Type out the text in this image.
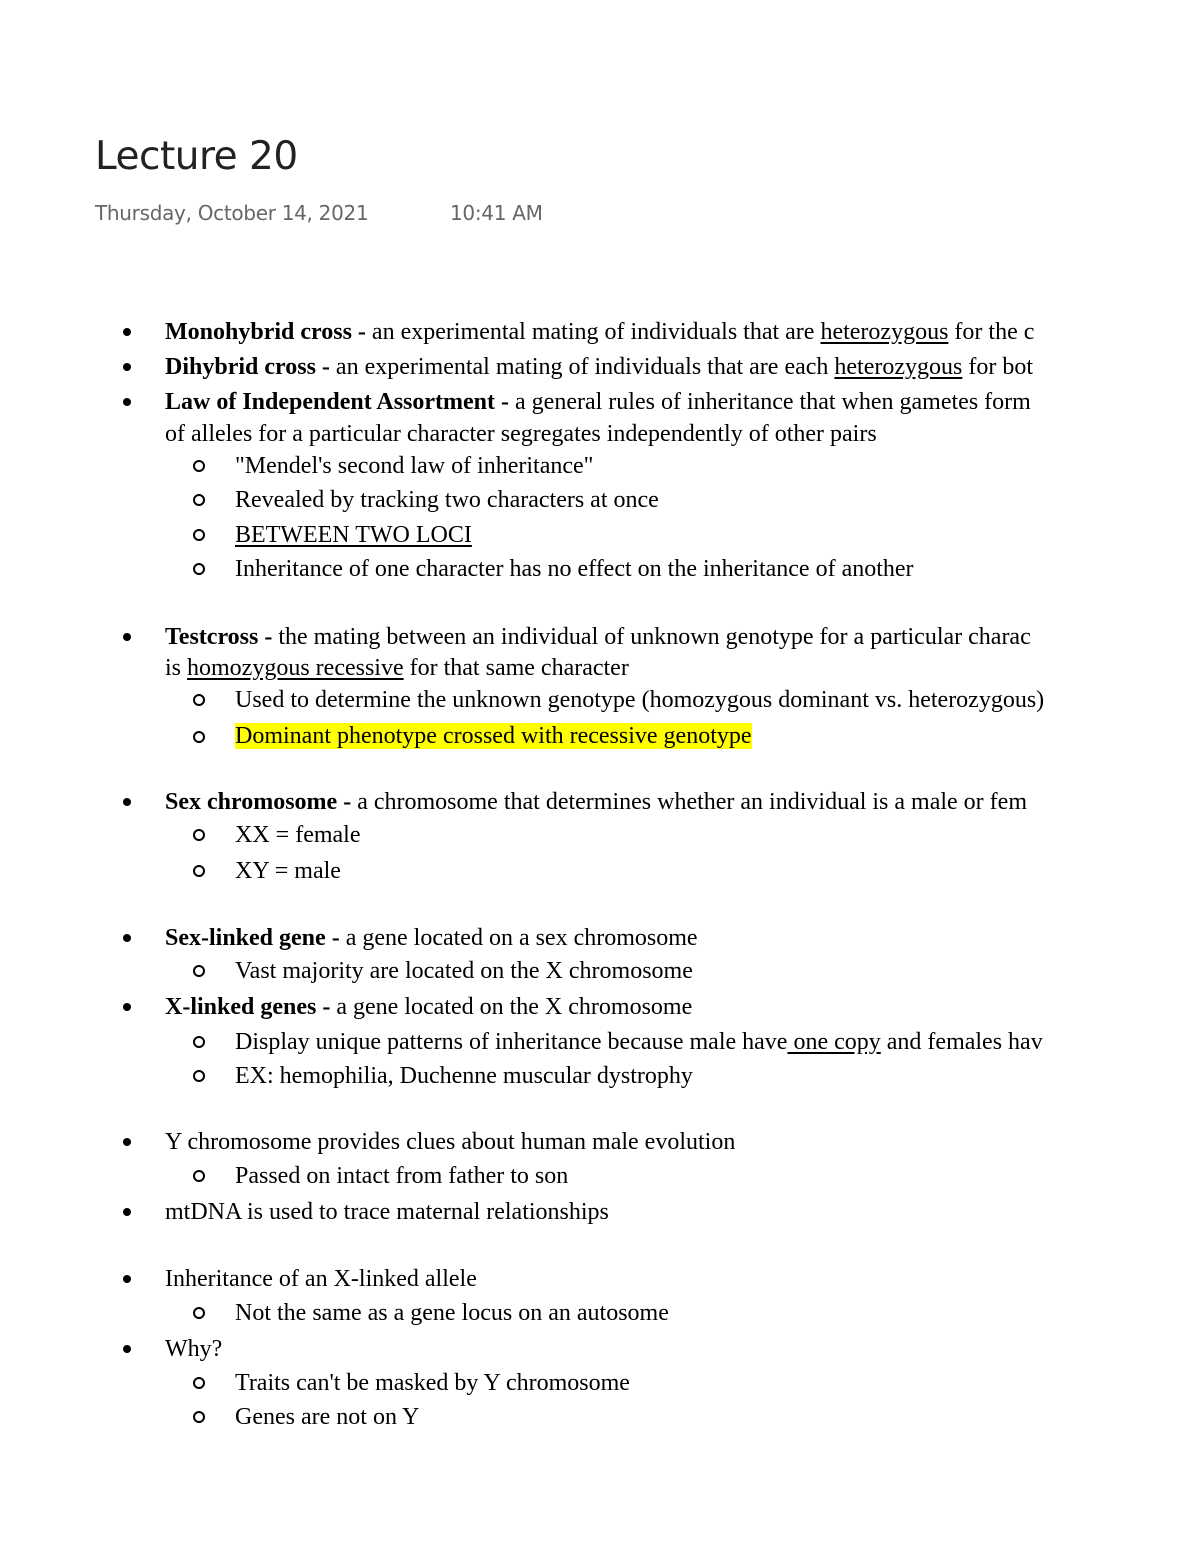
Lecture 20
Thursday, October 14, 2021	10:41 AM
Monohybrid cross - an experimental mating of individuals that are heterozygous for the c
Dihybrid cross - an experimental mating of individuals that are each heterozygous for bot
Law of Independent Assortment - a general rules of inheritance that when gametes form
of alleles for a particular character segregates independently of other pairs
"Mendel's second law of inheritance"
Revealed by tracking two characters at once
BETWEEN TWO LOCI
Inheritance of one character has no effect on the inheritance of another
Testcross - the mating between an individual of unknown genotype for a particular charac
is homozygous recessive for that same character
Used to determine the unknown genotype (homozygous dominant vs. heterozygous)
Dominant phenotype crossed with recessive genotype
Sex chromosome - a chromosome that determines whether an individual is a male or fem
XX = female
XY = male
Sex-linked gene - a gene located on a sex chromosome
Vast majority are located on the X chromosome
X-linked genes - a gene located on the X chromosome
Display unique patterns of inheritance because male have one copy and females hav
EX: hemophilia, Duchenne muscular dystrophy
Y chromosome provides clues about human male evolution
Passed on intact from father to son
mtDNA is used to trace maternal relationships
Inheritance of an X-linked allele
Not the same as a gene locus on an autosome
Why?
Traits can't be masked by Y chromosome
Genes are not on Y
